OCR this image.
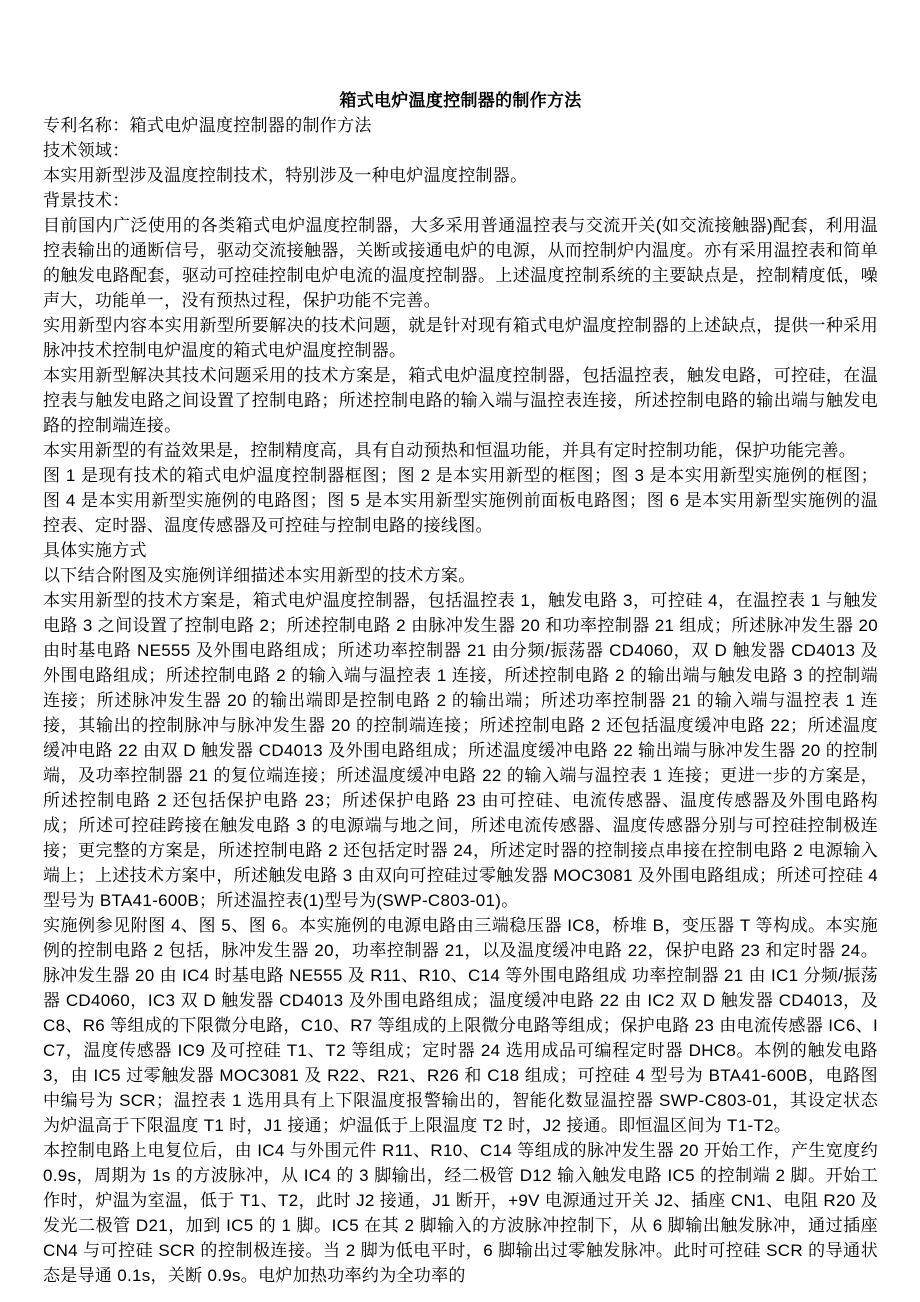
箱式电炉温度控制器的制作方法

专利名称：箱式电炉温度控制器的制作方法

技术领域：

本实用新型涉及温度控制技术，特别涉及一种电炉温度控制器。

背景技术：

目前国内广泛使用的各类箱式电炉温度控制器，大多采用普通温控表与交流开关(如交流接触器)配套，利用温控表输出的通断信号，驱动交流接触器，关断或接通电炉的电源，从而控制炉内温度。亦有采用温控表和简单的触发电路配套，驱动可控硅控制电炉电流的温度控制器。上述温度控制系统的主要缺点是，控制精度低，噪声大，功能单一，没有预热过程，保护功能不完善。

实用新型内容本实用新型所要解决的技术问题，就是针对现有箱式电炉温度控制器的上述缺点，提供一种采用脉冲技术控制电炉温度的箱式电炉温度控制器。

本实用新型解决其技术问题采用的技术方案是，箱式电炉温度控制器，包括温控表，触发电路，可控硅，在温控表与触发电路之间设置了控制电路；所述控制电路的输入端与温控表连接，所述控制电路的输出端与触发电路的控制端连接。

本实用新型的有益效果是，控制精度高，具有自动预热和恒温功能，并具有定时控制功能，保护功能完善。

图 1 是现有技术的箱式电炉温度控制器框图；图 2 是本实用新型的框图；图 3 是本实用新型实施例的框图；图 4 是本实用新型实施例的电路图；图 5 是本实用新型实施例前面板电路图；图 6 是本实用新型实施例的温控表、定时器、温度传感器及可控硅与控制电路的接线图。

具体实施方式

以下结合附图及实施例详细描述本实用新型的技术方案。

本实用新型的技术方案是，箱式电炉温度控制器，包括温控表 1，触发电路 3，可控硅 4，在温控表 1 与触发电路 3 之间设置了控制电路 2；所述控制电路 2 由脉冲发生器 20 和功率控制器 21 组成；所述脉冲发生器 20 由时基电路 NE555 及外围电路组成；所述功率控制器 21 由分频/振荡器 CD4060，双 D 触发器 CD4013 及外围电路组成；所述控制电路 2 的输入端与温控表 1 连接，所述控制电路 2 的输出端与触发电路 3 的控制端连接；所述脉冲发生器 20 的输出端即是控制电路 2 的输出端；所述功率控制器 21 的输入端与温控表 1 连接，其输出的控制脉冲与脉冲发生器 20 的控制端连接；所述控制电路 2 还包括温度缓冲电路 22；所述温度缓冲电路 22 由双 D 触发器 CD4013 及外围电路组成；所述温度缓冲电路 22 输出端与脉冲发生器 20 的控制端，及功率控制器 21 的复位端连接；所述温度缓冲电路 22 的输入端与温控表 1 连接；更进一步的方案是，所述控制电路 2 还包括保护电路 23；所述保护电路 23 由可控硅、电流传感器、温度传感器及外围电路构成；所述可控硅跨接在触发电路 3 的电源端与地之间，所述电流传感器、温度传感器分别与可控硅控制极连接；更完整的方案是，所述控制电路 2 还包括定时器 24，所述定时器的控制接点串接在控制电路 2 电源输入端上；上述技术方案中，所述触发电路 3 由双向可控硅过零触发器 MOC3081 及外围电路组成；所述可控硅 4 型号为 BTA41-600B；所述温控表(1)型号为(SWP-C803-01)。

实施例参见附图 4、图 5、图 6。本实施例的电源电路由三端稳压器 IC8，桥堆 B，变压器 T 等构成。本实施例的控制电路 2 包括，脉冲发生器 20，功率控制器 21，以及温度缓冲电路 22，保护电路 23 和定时器 24。脉冲发生器 20 由 IC4 时基电路 NE555 及 R11、R10、C14 等外围电路组成 功率控制器 21 由 IC1 分频/振荡器 CD4060，IC3 双 D 触发器 CD4013 及外围电路组成；温度缓冲电路 22 由 IC2 双 D 触发器 CD4013，及 C8、R6 等组成的下限微分电路，C10、R7 等组成的上限微分电路等组成；保护电路 23 由电流传感器 IC6、IC7，温度传感器 IC9 及可控硅 T1、T2 等组成；定时器 24 选用成品可编程定时器 DHC8。本例的触发电路 3，由 IC5 过零触发器 MOC3081 及 R22、R21、R26 和 C18 组成；可控硅 4 型号为 BTA41-600B，电路图中编号为 SCR；温控表 1 选用具有上下限温度报警输出的，智能化数显温控器 SWP-C803-01，其设定状态为炉温高于下限温度 T1 时，J1 接通；炉温低于上限温度 T2 时，J2 接通。即恒温区间为 T1-T2。

本控制电路上电复位后，由 IC4 与外围元件 R11、R10、C14 等组成的脉冲发生器 20 开始工作，产生宽度约 0.9s，周期为 1s 的方波脉冲，从 IC4 的 3 脚输出，经二极管 D12 输入触发电路 IC5 的控制端 2 脚。开始工作时，炉温为室温，低于 T1、T2，此时 J2 接通，J1 断开，+9V 电源通过开关 J2、插座 CN1、电阻 R20 及发光二极管 D21，加到 IC5 的 1 脚。IC5 在其 2 脚输入的方波脉冲控制下，从 6 脚输出触发脉冲，通过插座 CN4 与可控硅 SCR 的控制极连接。当 2 脚为低电平时，6 脚输出过零触发脉冲。此时可控硅 SCR 的导通状态是导通 0.1s，关断 0.9s。电炉加热功率约为全功率的
